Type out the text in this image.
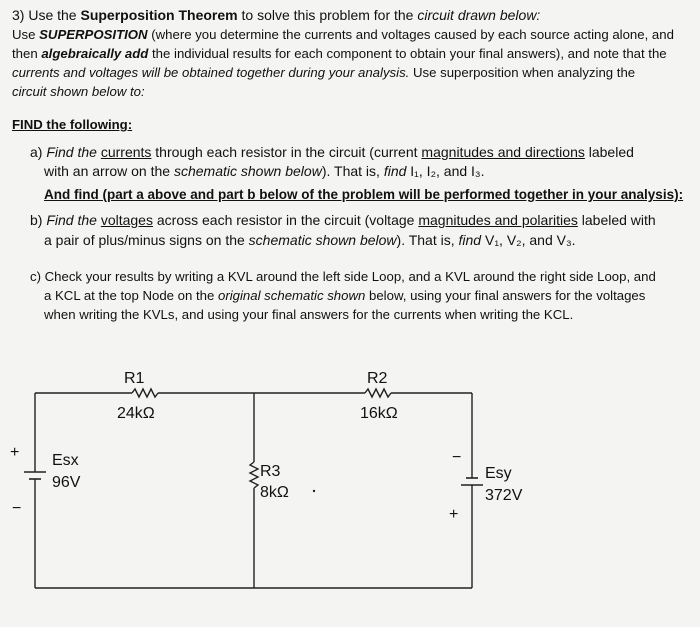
3) Use the Superposition Theorem to solve this problem for the circuit drawn below:
Use SUPERPOSITION (where you determine the currents and voltages caused by each source acting alone, and
then algebraically add the individual results for each component to obtain your final answers), and note that the
currents and voltages will be obtained together during your analysis. Use superposition when analyzing the
circuit shown below to:
FIND the following:
a) Find the currents through each resistor in the circuit (current magnitudes and directions labeled
with an arrow on the schematic shown below). That is, find I₁, I₂, and I₃.
And find (part a above and part b below of the problem will be performed together in your analysis):
b) Find the voltages across each resistor in the circuit (voltage magnitudes and polarities labeled with
a pair of plus/minus signs on the schematic shown below). That is, find V₁, V₂, and V₃.
c) Check your results by writing a KVL around the left side Loop, and a KVL around the right side Loop, and
a KCL at the top Node on the original schematic shown below, using your final answers for the voltages
when writing the KVLs, and using your final answers for the currents when writing the KCL.
R1
24kΩ
R2
16kΩ
R3
8kΩ
+ Esx
96V
−
−
Esy
372V
+
